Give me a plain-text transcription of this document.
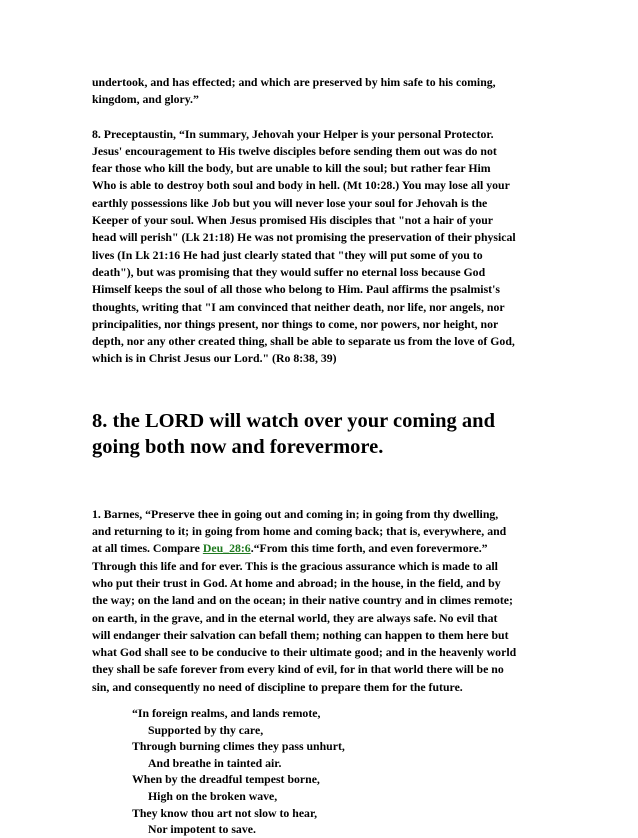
undertook, and has effected; and which are preserved by him safe to his coming,
kingdom, and glory.”

8. Preceptaustin, “In summary, Jehovah your Helper is your personal Protector.
Jesus' encouragement to His twelve disciples before sending them out was do not
fear those who kill the body, but are unable to kill the soul; but rather fear Him
Who is able to destroy both soul and body in hell. (Mt 10:28.) You may lose all your
earthly possessions like Job but you will never lose your soul for Jehovah is the
Keeper of your soul. When Jesus promised His disciples that "not a hair of your
head will perish" (Lk 21:18) He was not promising the preservation of their physical
lives (In Lk 21:16 He had just clearly stated that "they will put some of you to
death"), but was promising that they would suffer no eternal loss because God
Himself keeps the soul of all those who belong to Him. Paul affirms the psalmist's
thoughts, writing that "I am convinced that neither death, nor life, nor angels, nor
principalities, nor things present, nor things to come, nor powers, nor height, nor
depth, nor any other created thing, shall be able to separate us from the love of God,
which is in Christ Jesus our Lord." (Ro 8:38, 39)

8. the LORD will watch over your coming and
going both now and forevermore.

1. Barnes, “Preserve thee in going out and coming in; in going from thy dwelling,
and returning to it; in going from home and coming back; that is, everywhere, and
at all times. Compare Deu_28:6.“From this time forth, and even forevermore.”
Through this life and for ever. This is the gracious assurance which is made to all
who put their trust in God. At home and abroad; in the house, in the field, and by
the way; on the land and on the ocean; in their native country and in climes remote;
on earth, in the grave, and in the eternal world, they are always safe. No evil that
will endanger their salvation can befall them; nothing can happen to them here but
what God shall see to be conducive to their ultimate good; and in the heavenly world
they shall be safe forever from every kind of evil, for in that world there will be no
sin, and consequently no need of discipline to prepare them for the future.

“In foreign realms, and lands remote,
Supported by thy care,
Through burning climes they pass unhurt,
And breathe in tainted air.
When by the dreadful tempest borne,
High on the broken wave,
They know thou art not slow to hear,
Nor impotent to save.
